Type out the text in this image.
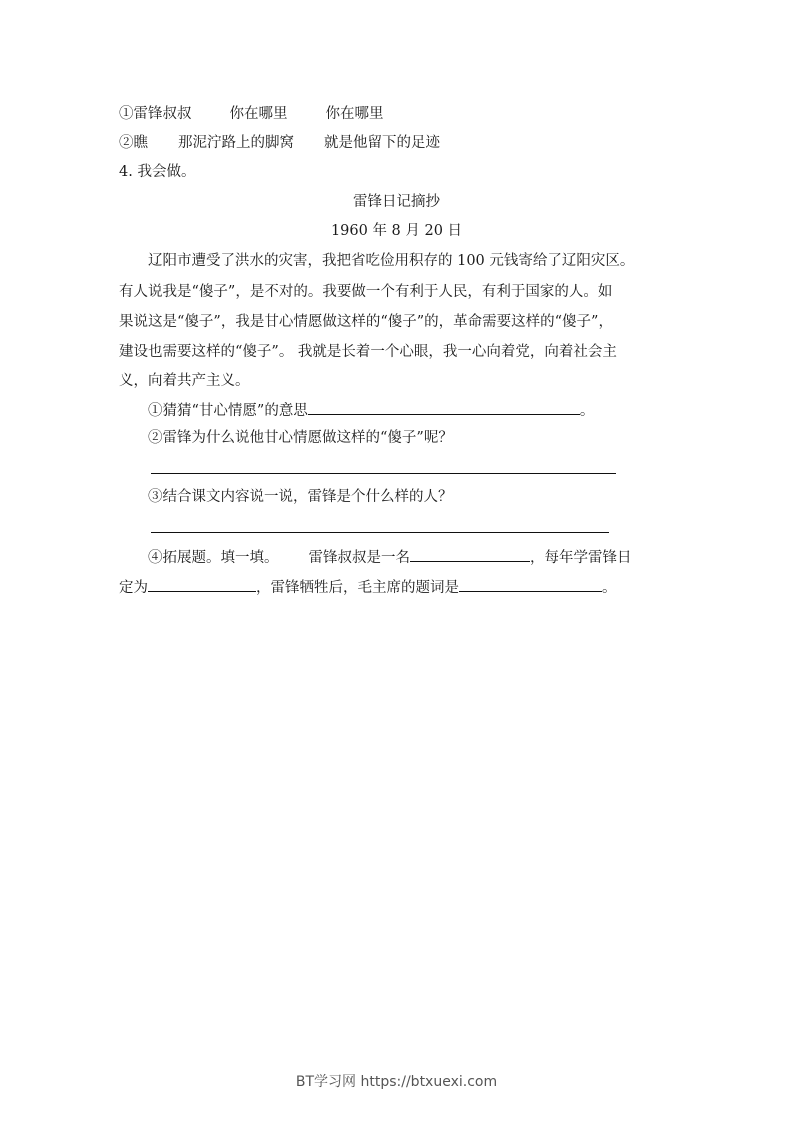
①雷锋叔叔	你在哪里	你在哪里
②瞧 那泥泞路上的脚窝 就是他留下的足迹
4. 我会做。
雷锋日记摘抄
1960 年 8 月 20 日
辽阳市遭受了洪水的灾害，我把省吃俭用积存的 100 元钱寄给了辽阳灾区。
有人说我是“傻子”，是不对的。我要做一个有利于人民，有利于国家的人。如
果说这是“傻子”，我是甘心情愿做这样的“傻子”的，革命需要这样的“傻子”，
建设也需要这样的“傻子”。 我就是长着一个心眼，我一心向着党，向着社会主
义，向着共产主义。
①猜猜“甘心情愿”的意思	。
②雷锋为什么说他甘心情愿做这样的“傻子”呢？
③结合课文内容说一说，雷锋是个什么样的人？
④拓展题。填一填。 雷锋叔叔是一名	，每年学雷锋日
定为	，雷锋牺牲后，毛主席的题词是	。
BT学习网 https://btxuexi.com
